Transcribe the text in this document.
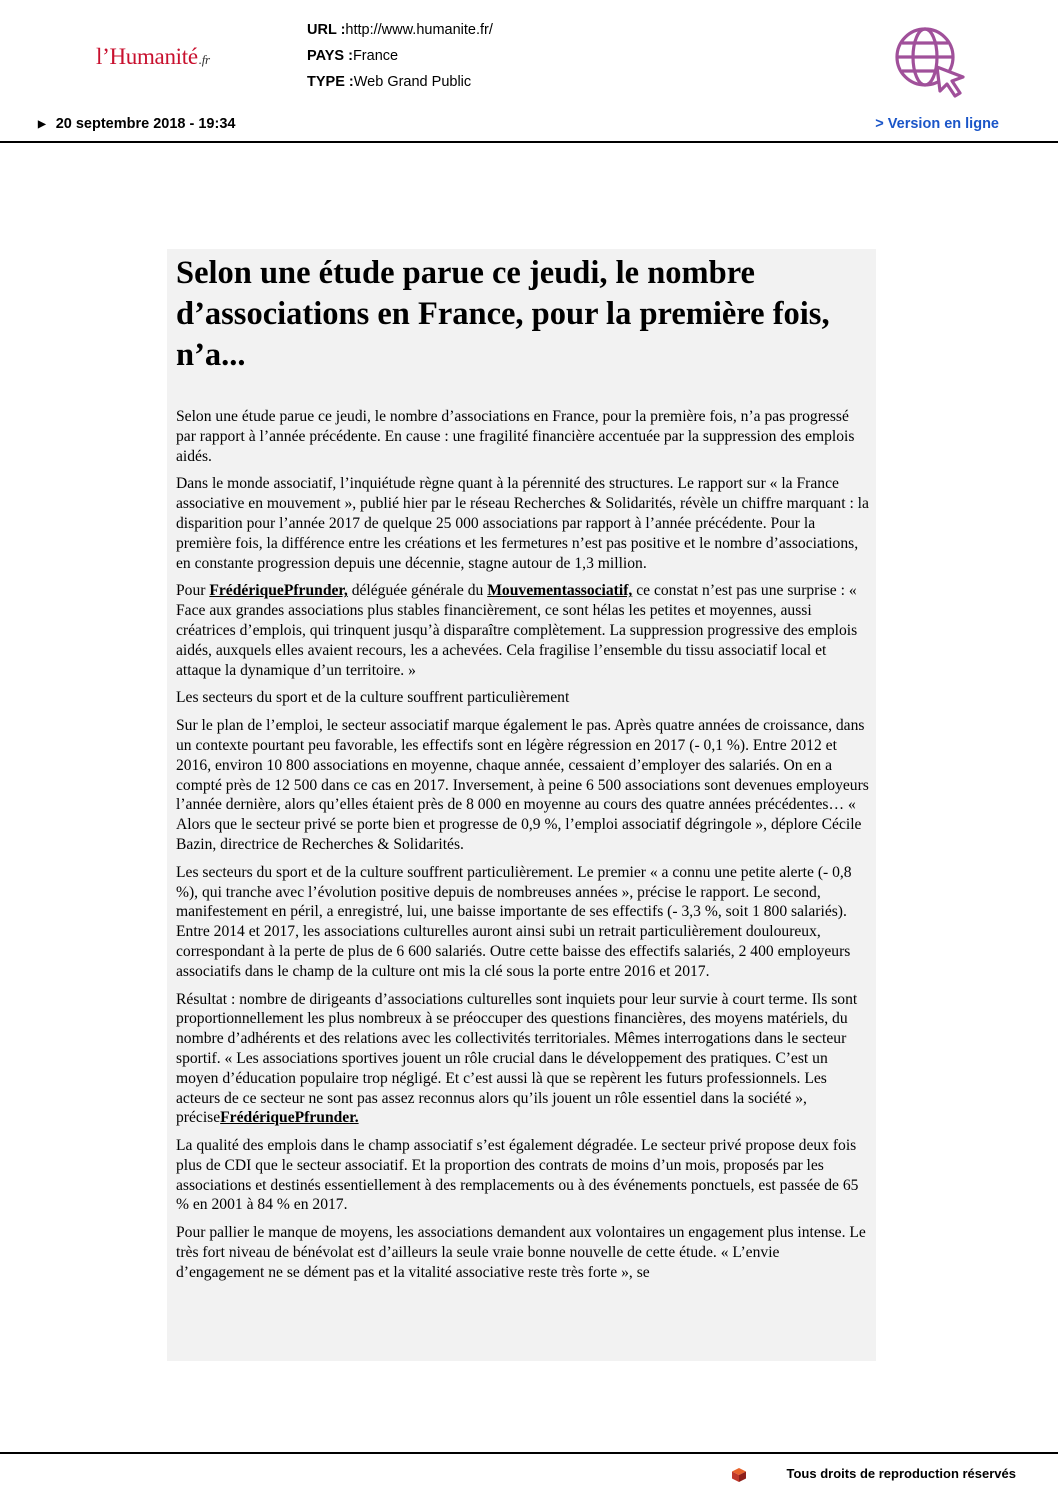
l’Humanité.fr
URL :http://www.humanite.fr/
PAYS :France
TYPE :Web Grand Public
▶ 20 septembre 2018 - 19:34	> Version en ligne
Selon une étude parue ce jeudi, le nombre d’associations en France, pour la première fois, n’a...

Selon une étude parue ce jeudi, le nombre d’associations en France, pour la première fois, n’a pas progressé par rapport à l’année précédente. En cause : une fragilité financière accentuée par la suppression des emplois aidés.

Dans le monde associatif, l’inquiétude règne quant à la pérennité des structures. Le rapport sur « la France associative en mouvement », publié hier par le réseau Recherches & Solidarités, révèle un chiffre marquant : la disparition pour l’année 2017 de quelque 25 000 associations par rapport à l’année précédente. Pour la première fois, la différence entre les créations et les fermetures n’est pas positive et le nombre d’associations, en constante progression depuis une décennie, stagne autour de 1,3 million.

Pour FrédériquePfrunder, déléguée générale du Mouvementassociatif, ce constat n’est pas une surprise : « Face aux grandes associations plus stables financièrement, ce sont hélas les petites et moyennes, aussi créatrices d’emplois, qui trinquent jusqu’à disparaître complètement. La suppression progressive des emplois aidés, auxquels elles avaient recours, les a achevées. Cela fragilise l’ensemble du tissu associatif local et attaque la dynamique d’un territoire. »

Les secteurs du sport et de la culture souffrent particulièrement

Sur le plan de l’emploi, le secteur associatif marque également le pas. Après quatre années de croissance, dans un contexte pourtant peu favorable, les effectifs sont en légère régression en 2017 (- 0,1 %). Entre 2012 et 2016, environ 10 800 associations en moyenne, chaque année, cessaient d’employer des salariés. On en a compté près de 12 500 dans ce cas en 2017. Inversement, à peine 6 500 associations sont devenues employeurs l’année dernière, alors qu’elles étaient près de 8 000 en moyenne au cours des quatre années précédentes… « Alors que le secteur privé se porte bien et progresse de 0,9 %, l’emploi associatif dégringole », déplore Cécile Bazin, directrice de Recherches & Solidarités.

Les secteurs du sport et de la culture souffrent particulièrement. Le premier « a connu une petite alerte (- 0,8 %), qui tranche avec l’évolution positive depuis de nombreuses années », précise le rapport. Le second, manifestement en péril, a enregistré, lui, une baisse importante de ses effectifs (- 3,3 %, soit 1 800 salariés). Entre 2014 et 2017, les associations culturelles auront ainsi subi un retrait particulièrement douloureux, correspondant à la perte de plus de 6 600 salariés. Outre cette baisse des effectifs salariés, 2 400 employeurs associatifs dans le champ de la culture ont mis la clé sous la porte entre 2016 et 2017.

Résultat : nombre de dirigeants d’associations culturelles sont inquiets pour leur survie à court terme. Ils sont proportionnellement les plus nombreux à se préoccuper des questions financières, des moyens matériels, du nombre d’adhérents et des relations avec les collectivités territoriales. Mêmes interrogations dans le secteur sportif. « Les associations sportives jouent un rôle crucial dans le développement des pratiques. C’est un moyen d’éducation populaire trop négligé. Et c’est aussi là que se repèrent les futurs professionnels. Les acteurs de ce secteur ne sont pas assez reconnus alors qu’ils jouent un rôle essentiel dans la société », préciseFrédériquePfrunder.

La qualité des emplois dans le champ associatif s’est également dégradée. Le secteur privé propose deux fois plus de CDI que le secteur associatif. Et la proportion des contrats de moins d’un mois, proposés par les associations et destinés essentiellement à des remplacements ou à des événements ponctuels, est passée de 65 % en 2001 à 84 % en 2017.

Pour pallier le manque de moyens, les associations demandent aux volontaires un engagement plus intense. Le très fort niveau de bénévolat est d’ailleurs la seule vraie bonne nouvelle de cette étude. « L’envie d’engagement ne se dément pas et la vitalité associative reste très forte », se

Tous droits de reproduction réservés
